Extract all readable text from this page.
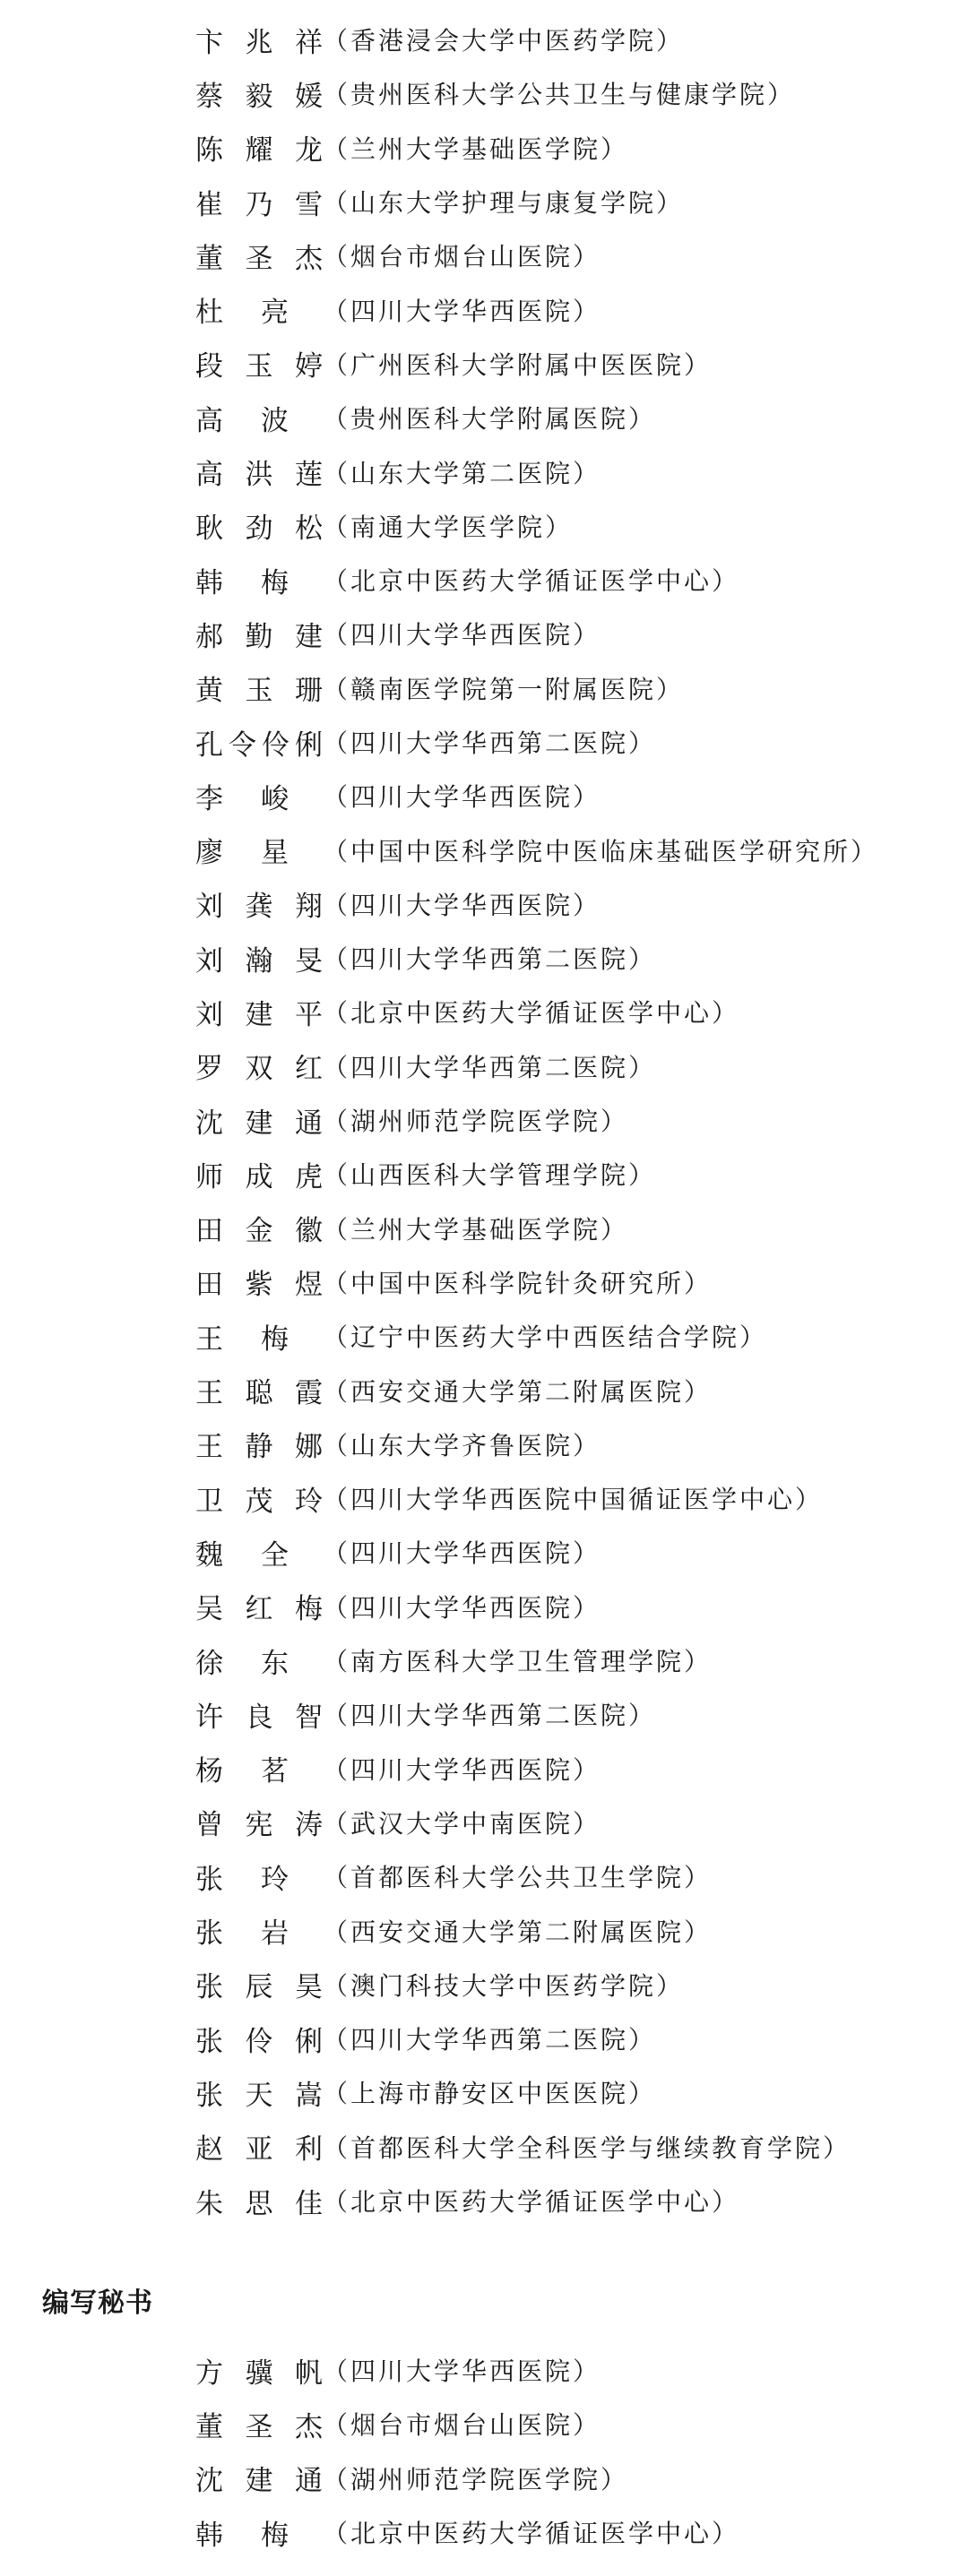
卞兆祥 （香港浸会大学中医药学院）
蔡毅媛 （贵州医科大学公共卫生与健康学院）
陈耀龙 （兰州大学基础医学院）
崔乃雪 （山东大学护理与康复学院）
董圣杰 （烟台市烟台山医院）
杜亮 （四川大学华西医院）
段玉婷 （广州医科大学附属中医医院）
高波 （贵州医科大学附属医院）
高洪莲 （山东大学第二医院）
耿劲松 （南通大学医学院）
韩梅 （北京中医药大学循证医学中心）
郝勤建 （四川大学华西医院）
黄玉珊 （赣南医学院第一附属医院）
孔令伶俐 （四川大学华西第二医院）
李峻 （四川大学华西医院）
廖星 （中国中医科学院中医临床基础医学研究所）
刘龚翔 （四川大学华西医院）
刘瀚旻 （四川大学华西第二医院）
刘建平 （北京中医药大学循证医学中心）
罗双红 （四川大学华西第二医院）
沈建通 （湖州师范学院医学院）
师成虎 （山西医科大学管理学院）
田金徽 （兰州大学基础医学院）
田紫煜 （中国中医科学院针灸研究所）
王梅 （辽宁中医药大学中西医结合学院）
王聪霞 （西安交通大学第二附属医院）
王静娜 （山东大学齐鲁医院）
卫茂玲 （四川大学华西医院中国循证医学中心）
魏全 （四川大学华西医院）
吴红梅 （四川大学华西医院）
徐东 （南方医科大学卫生管理学院）
许良智 （四川大学华西第二医院）
杨茗 （四川大学华西医院）
曾宪涛 （武汉大学中南医院）
张玲 （首都医科大学公共卫生学院）
张岩 （西安交通大学第二附属医院）
张辰昊 （澳门科技大学中医药学院）
张伶俐 （四川大学华西第二医院）
张天嵩 （上海市静安区中医医院）
赵亚利 （首都医科大学全科医学与继续教育学院）
朱思佳 （北京中医药大学循证医学中心）
编写秘书
方骥帆 （四川大学华西医院）
董圣杰 （烟台市烟台山医院）
沈建通 （湖州师范学院医学院）
韩梅 （北京中医药大学循证医学中心）
